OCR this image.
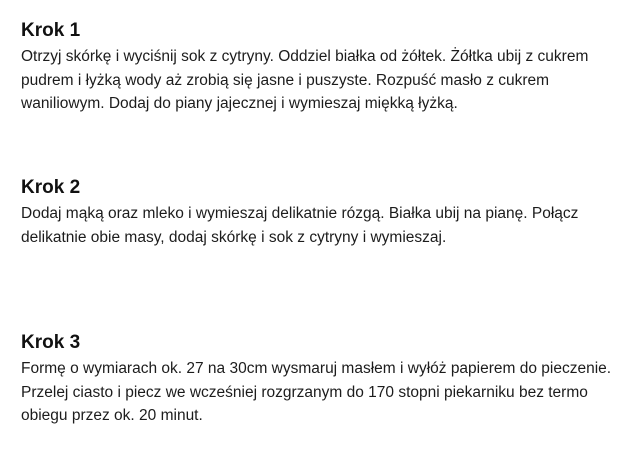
Krok 1

Otrzyj skórkę i wyciśnij sok z cytryny. Oddziel białka od żółtek. Żółtka ubij z cukrem pudrem i łyżką wody aż zrobią się jasne i puszyste. Rozpuść masło z cukrem waniliowym. Dodaj do piany jajecznej i wymieszaj miękką łyżką.

Krok 2

Dodaj mąką oraz mleko i wymieszaj delikatnie rózgą. Białka ubij na pianę. Połącz delikatnie obie masy, dodaj skórkę i sok z cytryny i wymieszaj.

Krok 3

Formę o wymiarach ok. 27 na 30cm wysmaruj masłem i wyłóż papierem do pieczenie. Przelej ciasto i piecz we wcześniej rozgrzanym do 170 stopni piekarniku bez termo obiegu przez ok. 20 minut.
